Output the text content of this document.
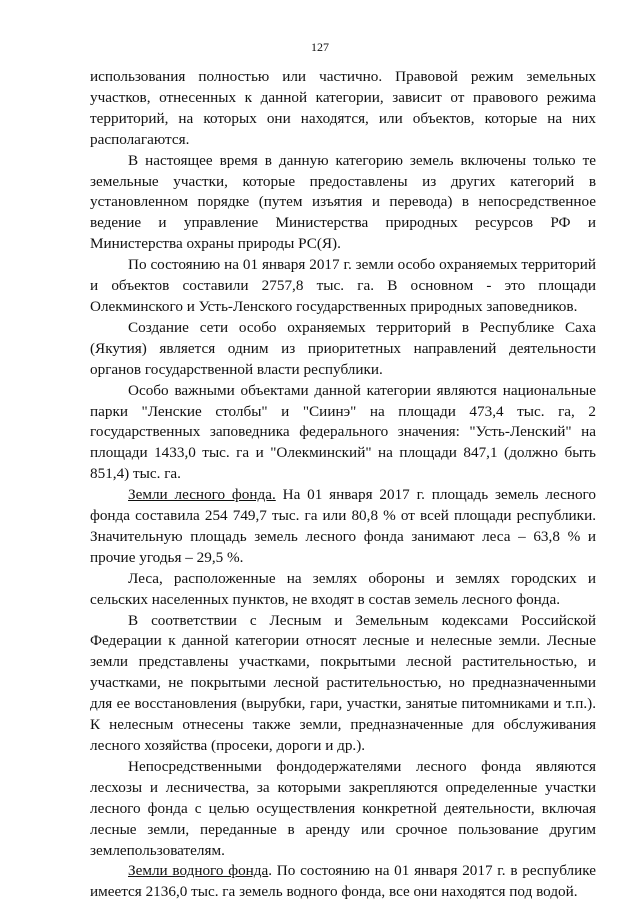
127

использования полностью или частично. Правовой режим земельных участков, отнесенных к данной категории, зависит от правового режима территорий, на которых они находятся, или объектов, которые на них располагаются.

В настоящее время в данную категорию земель включены только те земельные участки, которые предоставлены из других категорий в установленном порядке (путем изъятия и перевода) в непосредственное ведение и управление Министерства природных ресурсов РФ и Министерства охраны природы РС(Я).

По состоянию на 01 января 2017 г. земли особо охраняемых территорий и объектов составили 2757,8 тыс. га. В основном - это площади Олекминского и Усть-Ленского государственных природных заповедников.

Создание сети особо охраняемых территорий в Республике Саха (Якутия) является одним из приоритетных направлений деятельности органов государственной власти республики.

Особо важными объектами данной категории являются национальные парки "Ленские столбы" и "Сиинэ" на площади 473,4 тыс. га, 2 государственных заповедника федерального значения: "Усть-Ленский" на площади 1433,0 тыс. га и "Олекминский" на площади 847,1 (должно быть 851,4) тыс. га.

Земли лесного фонда. На 01 января 2017 г. площадь земель лесного фонда составила 254 749,7 тыс. га или 80,8 % от всей площади республики. Значительную площадь земель лесного фонда занимают леса – 63,8 % и прочие угодья – 29,5 %.

Леса, расположенные на землях обороны и землях городских и сельских населенных пунктов, не входят в состав земель лесного фонда.

В соответствии с Лесным и Земельным кодексами Российской Федерации к данной категории относят лесные и нелесные земли. Лесные земли представлены участками, покрытыми лесной растительностью, и участками, не покрытыми лесной растительностью, но предназначенными для ее восстановления (вырубки, гари, участки, занятые питомниками и т.п.). К нелесным отнесены также земли, предназначенные для обслуживания лесного хозяйства (просеки, дороги и др.).

Непосредственными фондодержателями лесного фонда являются лесхозы и лесничества, за которыми закрепляются определенные участки лесного фонда с целью осуществления конкретной деятельности, включая лесные земли, переданные в аренду или срочное пользование другим землепользователям.

Земли водного фонда. По состоянию на 01 января 2017 г. в республике имеется 2136,0 тыс. га земель водного фонда, все они находятся под водой.
